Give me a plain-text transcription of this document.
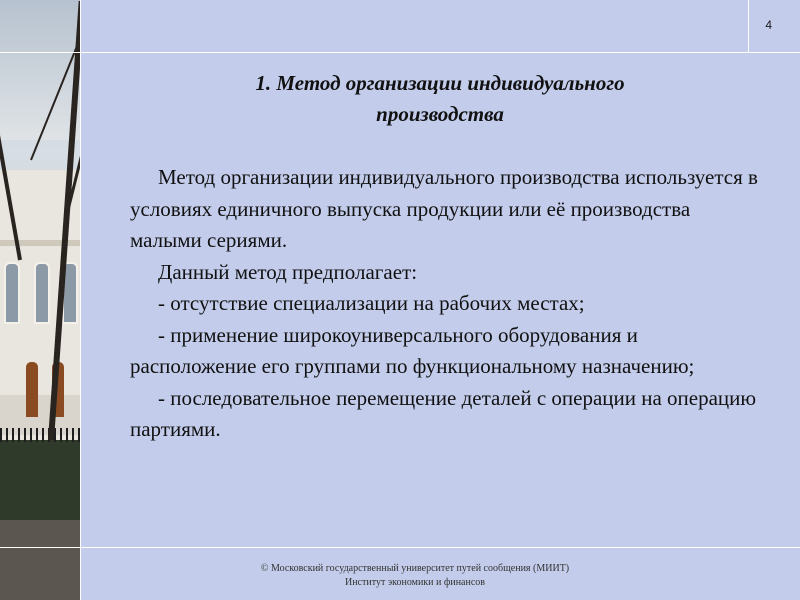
4
1. Метод организации индивидуального
производства

Метод организации индивидуального производства используется в условиях единичного выпуска продукции или её производства малыми сериями.

Данный метод предполагает:

- отсутствие специализации на рабочих местах;

- применение широкоуниверсального оборудования и расположение его группами по функциональному назначению;

- последовательное перемещение деталей с операции на операцию партиями.

© Московский государственный университет путей сообщения (МИИТ)
Институт экономики и финансов
